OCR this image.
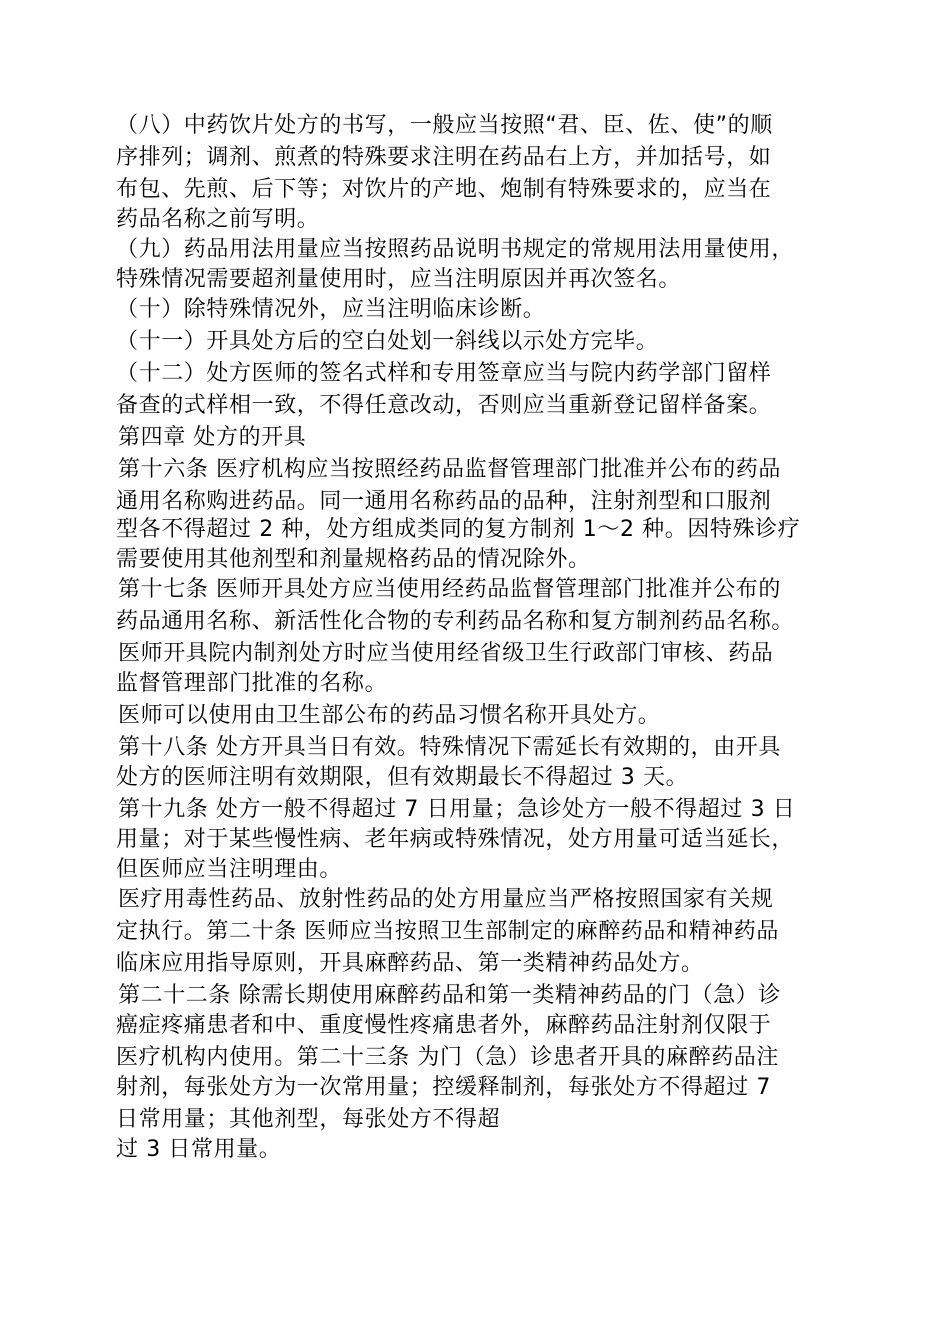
（八）中药饮片处方的书写，一般应当按照“君、臣、佐、使”的顺

序排列；调剂、煎煮的特殊要求注明在药品右上方，并加括号，如

布包、先煎、后下等；对饮片的产地、炮制有特殊要求的，应当在

药品名称之前写明。

（九）药品用法用量应当按照药品说明书规定的常规用法用量使用，

特殊情况需要超剂量使用时，应当注明原因并再次签名。

（十）除特殊情况外，应当注明临床诊断。

（十一）开具处方后的空白处划一斜线以示处方完毕。

（十二）处方医师的签名式样和专用签章应当与院内药学部门留样

备查的式样相一致，不得任意改动，否则应当重新登记留样备案。

第四章 处方的开具

第十六条 医疗机构应当按照经药品监督管理部门批准并公布的药品

通用名称购进药品。同一通用名称药品的品种，注射剂型和口服剂

型各不得超过 2 种，处方组成类同的复方制剂 1～2 种。因特殊诊疗

需要使用其他剂型和剂量规格药品的情况除外。

第十七条 医师开具处方应当使用经药品监督管理部门批准并公布的

药品通用名称、新活性化合物的专利药品名称和复方制剂药品名称。

医师开具院内制剂处方时应当使用经省级卫生行政部门审核、药品

监督管理部门批准的名称。

医师可以使用由卫生部公布的药品习惯名称开具处方。

第十八条 处方开具当日有效。特殊情况下需延长有效期的，由开具

处方的医师注明有效期限，但有效期最长不得超过 3 天。

第十九条 处方一般不得超过 7 日用量；急诊处方一般不得超过 3 日

用量；对于某些慢性病、老年病或特殊情况，处方用量可适当延长，

但医师应当注明理由。

医疗用毒性药品、放射性药品的处方用量应当严格按照国家有关规

定执行。第二十条 医师应当按照卫生部制定的麻醉药品和精神药品

临床应用指导原则，开具麻醉药品、第一类精神药品处方。

第二十二条 除需长期使用麻醉药品和第一类精神药品的门（急）诊

癌症疼痛患者和中、重度慢性疼痛患者外，麻醉药品注射剂仅限于

医疗机构内使用。第二十三条 为门（急）诊患者开具的麻醉药品注

射剂，每张处方为一次常用量；控缓释制剂，每张处方不得超过 7

日常用量；其他剂型，每张处方不得超

过 3 日常用量。
